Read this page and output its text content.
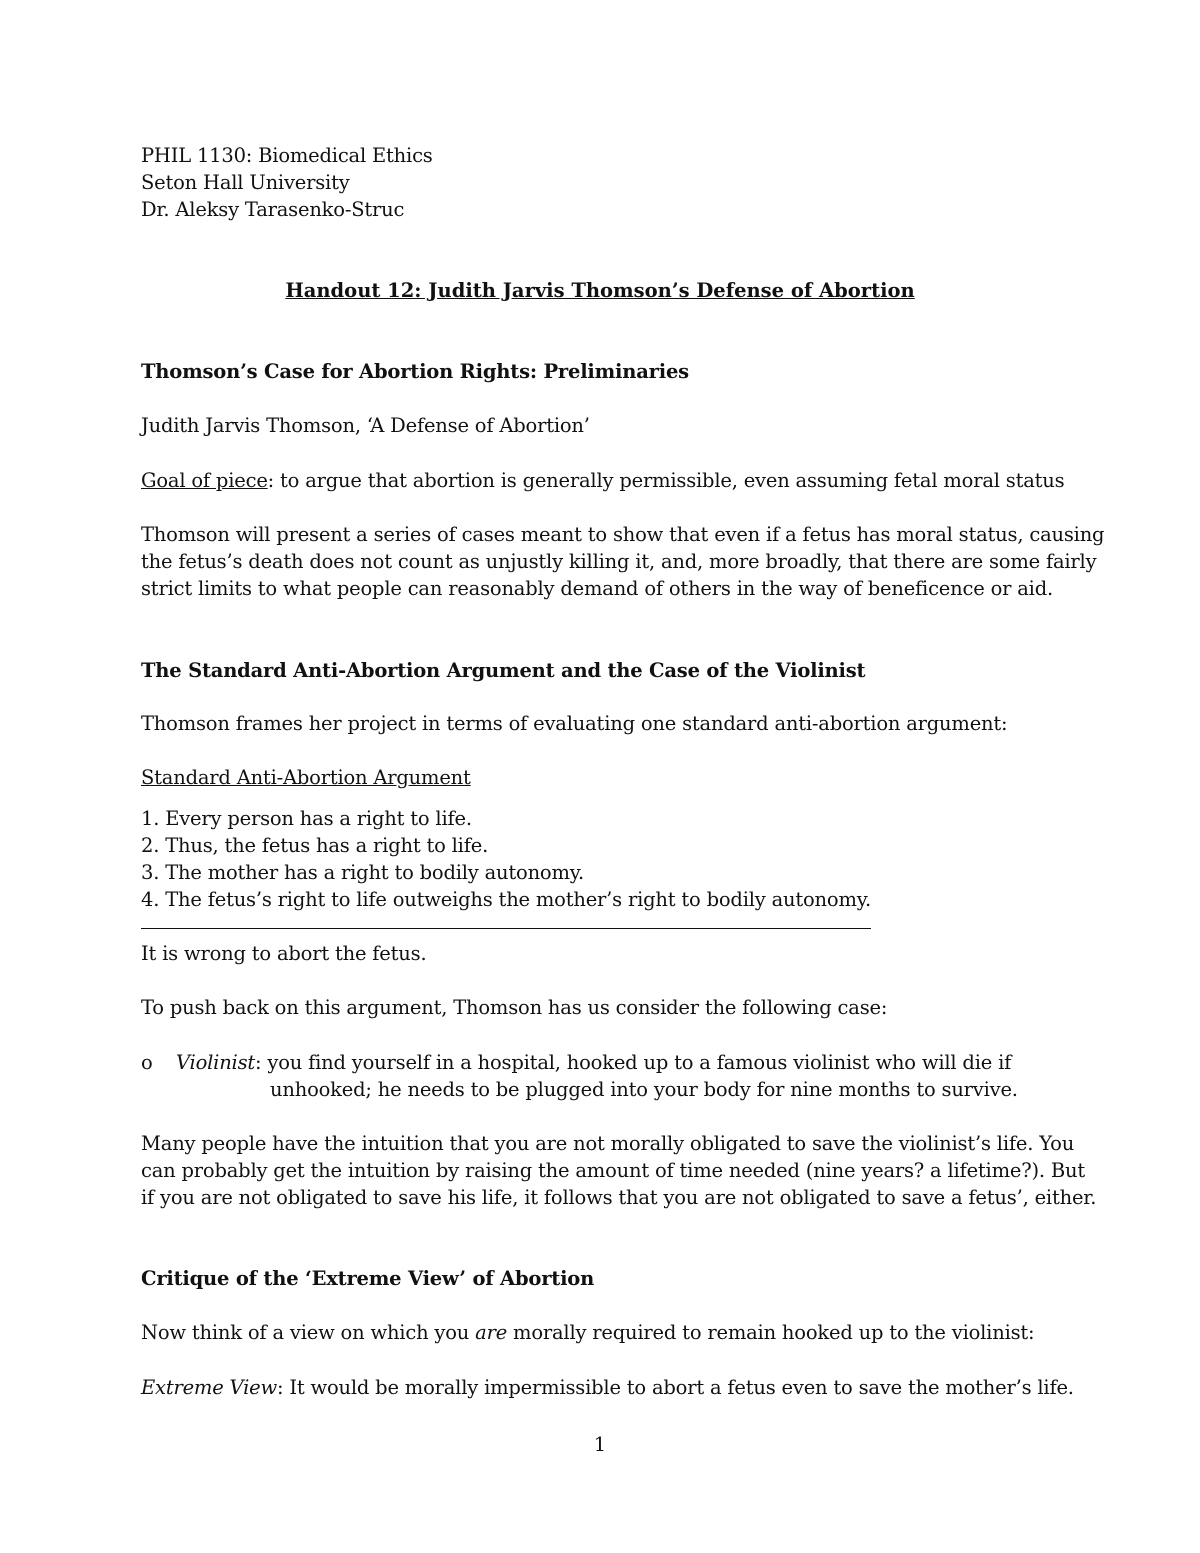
PHIL 1130: Biomedical Ethics
Seton Hall University
Dr. Aleksy Tarasenko-Struc
Handout 12: Judith Jarvis Thomson’s Defense of Abortion
Thomson’s Case for Abortion Rights: Preliminaries
Judith Jarvis Thomson, ‘A Defense of Abortion’
Goal of piece: to argue that abortion is generally permissible, even assuming fetal moral status
Thomson will present a series of cases meant to show that even if a fetus has moral status, causing
the fetus’s death does not count as unjustly killing it, and, more broadly, that there are some fairly
strict limits to what people can reasonably demand of others in the way of beneficence or aid.
The Standard Anti-Abortion Argument and the Case of the Violinist
Thomson frames her project in terms of evaluating one standard anti-abortion argument:
Standard Anti-Abortion Argument
1. Every person has a right to life.
2. Thus, the fetus has a right to life.
3. The mother has a right to bodily autonomy.
4. The fetus’s right to life outweighs the mother’s right to bodily autonomy.
It is wrong to abort the fetus.
To push back on this argument, Thomson has us consider the following case:
o Violinist: you find yourself in a hospital, hooked up to a famous violinist who will die if
unhooked; he needs to be plugged into your body for nine months to survive.
Many people have the intuition that you are not morally obligated to save the violinist’s life. You
can probably get the intuition by raising the amount of time needed (nine years? a lifetime?). But
if you are not obligated to save his life, it follows that you are not obligated to save a fetus’, either.
Critique of the ‘Extreme View’ of Abortion
Now think of a view on which you are morally required to remain hooked up to the violinist:
Extreme View: It would be morally impermissible to abort a fetus even to save the mother’s life.
1
